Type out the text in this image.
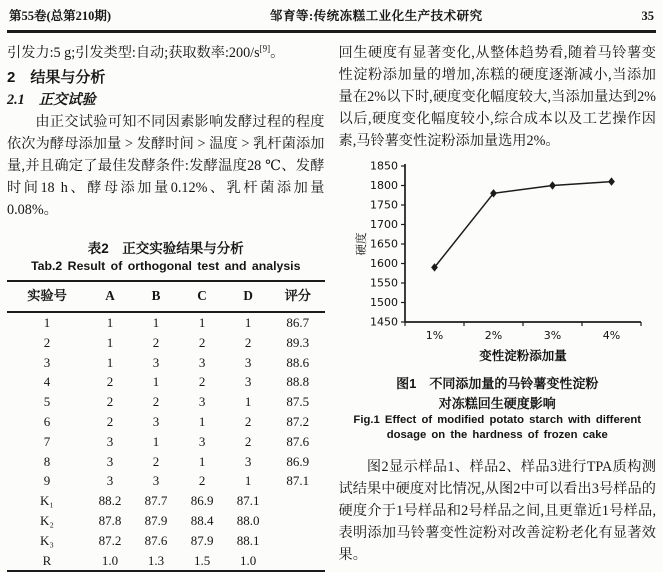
第55卷(总第210期)	邹育等:传统冻糕工业化生产技术研究	35

引发力:5 g;引发类型:自动;获取数率:200/s[9]。

2　结果与分析

2.1　正交试验

由正交试验可知不同因素影响发酵过程的程度依次为酵母添加量 > 发酵时间 > 温度 > 乳杆菌添加量,并且确定了最佳发酵条件:发酵温度28 ℃、发酵时间18 h、酵母添加量0.12%、乳杆菌添加量0.08%。

表2　正交实验结果与分析

Tab.2 Result of orthogonal test and analysis

实验号	A	B	C	D	评分
1	1	1	1	1	86.7
2	1	2	2	2	89.3
3	1	3	3	3	88.6
4	2	1	2	3	88.8
5	2	2	3	1	87.5
6	2	3	1	2	87.2
7	3	1	3	2	87.6
8	3	2	1	3	86.9
9	3	3	2	1	87.1
K₁	88.2	87.7	86.9	87.1	
K₂	87.8	87.9	88.4	88.0	
K₃	87.2	87.6	87.9	88.1	
R	1.0	1.3	1.5	1.0	

回生硬度有显著变化,从整体趋势看,随着马铃薯变性淀粉添加量的增加,冻糕的硬度逐渐减小,当添加量在2%以下时,硬度变化幅度较大,当添加量达到2%以后,硬度变化幅度较小,综合成本以及工艺操作因素,马铃薯变性淀粉添加量选用2%。

1450
1500
1550
1600
1650
1700
1750
1800
1850
1%	2%	3%	4%
变性淀粉添加量
硬度

图1　不同添加量的马铃薯变性淀粉

对冻糕回生硬度影响

Fig.1 Effect of modified potato starch with different

dosage on the hardness of frozen cake

图2显示样品1、样品2、样品3进行TPA质构测试结果中硬度对比情况,从图2中可以看出3号样品的硬度介于1号样品和2号样品之间,且更靠近1号样品,表明添加马铃薯变性淀粉对改善淀粉老化有显著效果。
